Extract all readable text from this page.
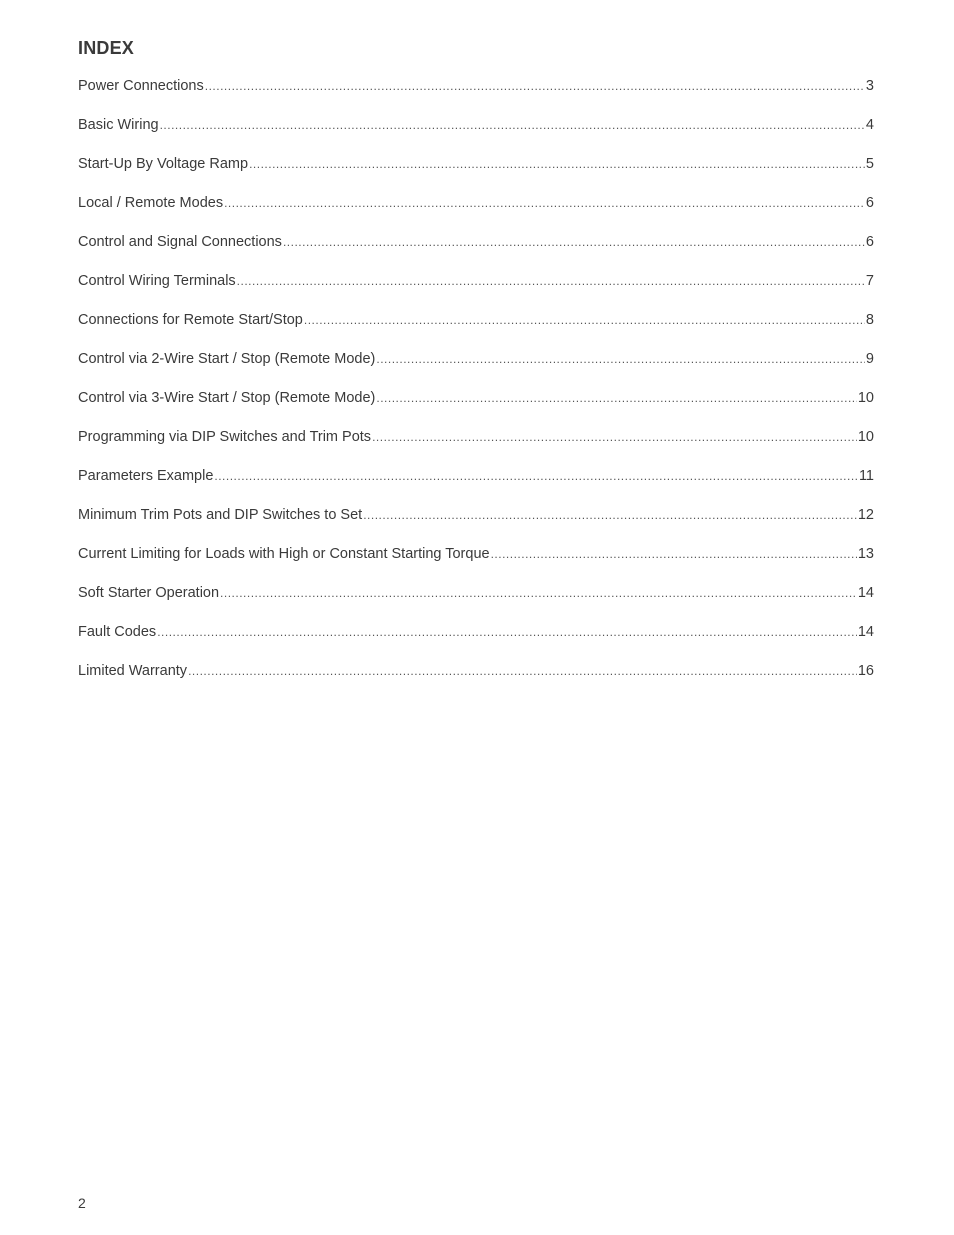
INDEX
Power Connections .....	3
Basic Wiring .....	4
Start-Up By Voltage Ramp .....	5
Local / Remote Modes .....	6
Control and Signal Connections .....	6
Control Wiring Terminals .....	7
Connections for Remote Start/Stop .....	8
Control via 2-Wire Start / Stop (Remote Mode) .....	9
Control via 3-Wire Start / Stop (Remote Mode) .....	10
Programming via DIP Switches and Trim Pots .....	10
Parameters Example .....	11
Minimum Trim Pots and DIP Switches to Set .....	12
Current Limiting for Loads with High or Constant Starting Torque .....	13
Soft Starter Operation .....	14
Fault Codes .....	14
Limited Warranty .....	16
2
